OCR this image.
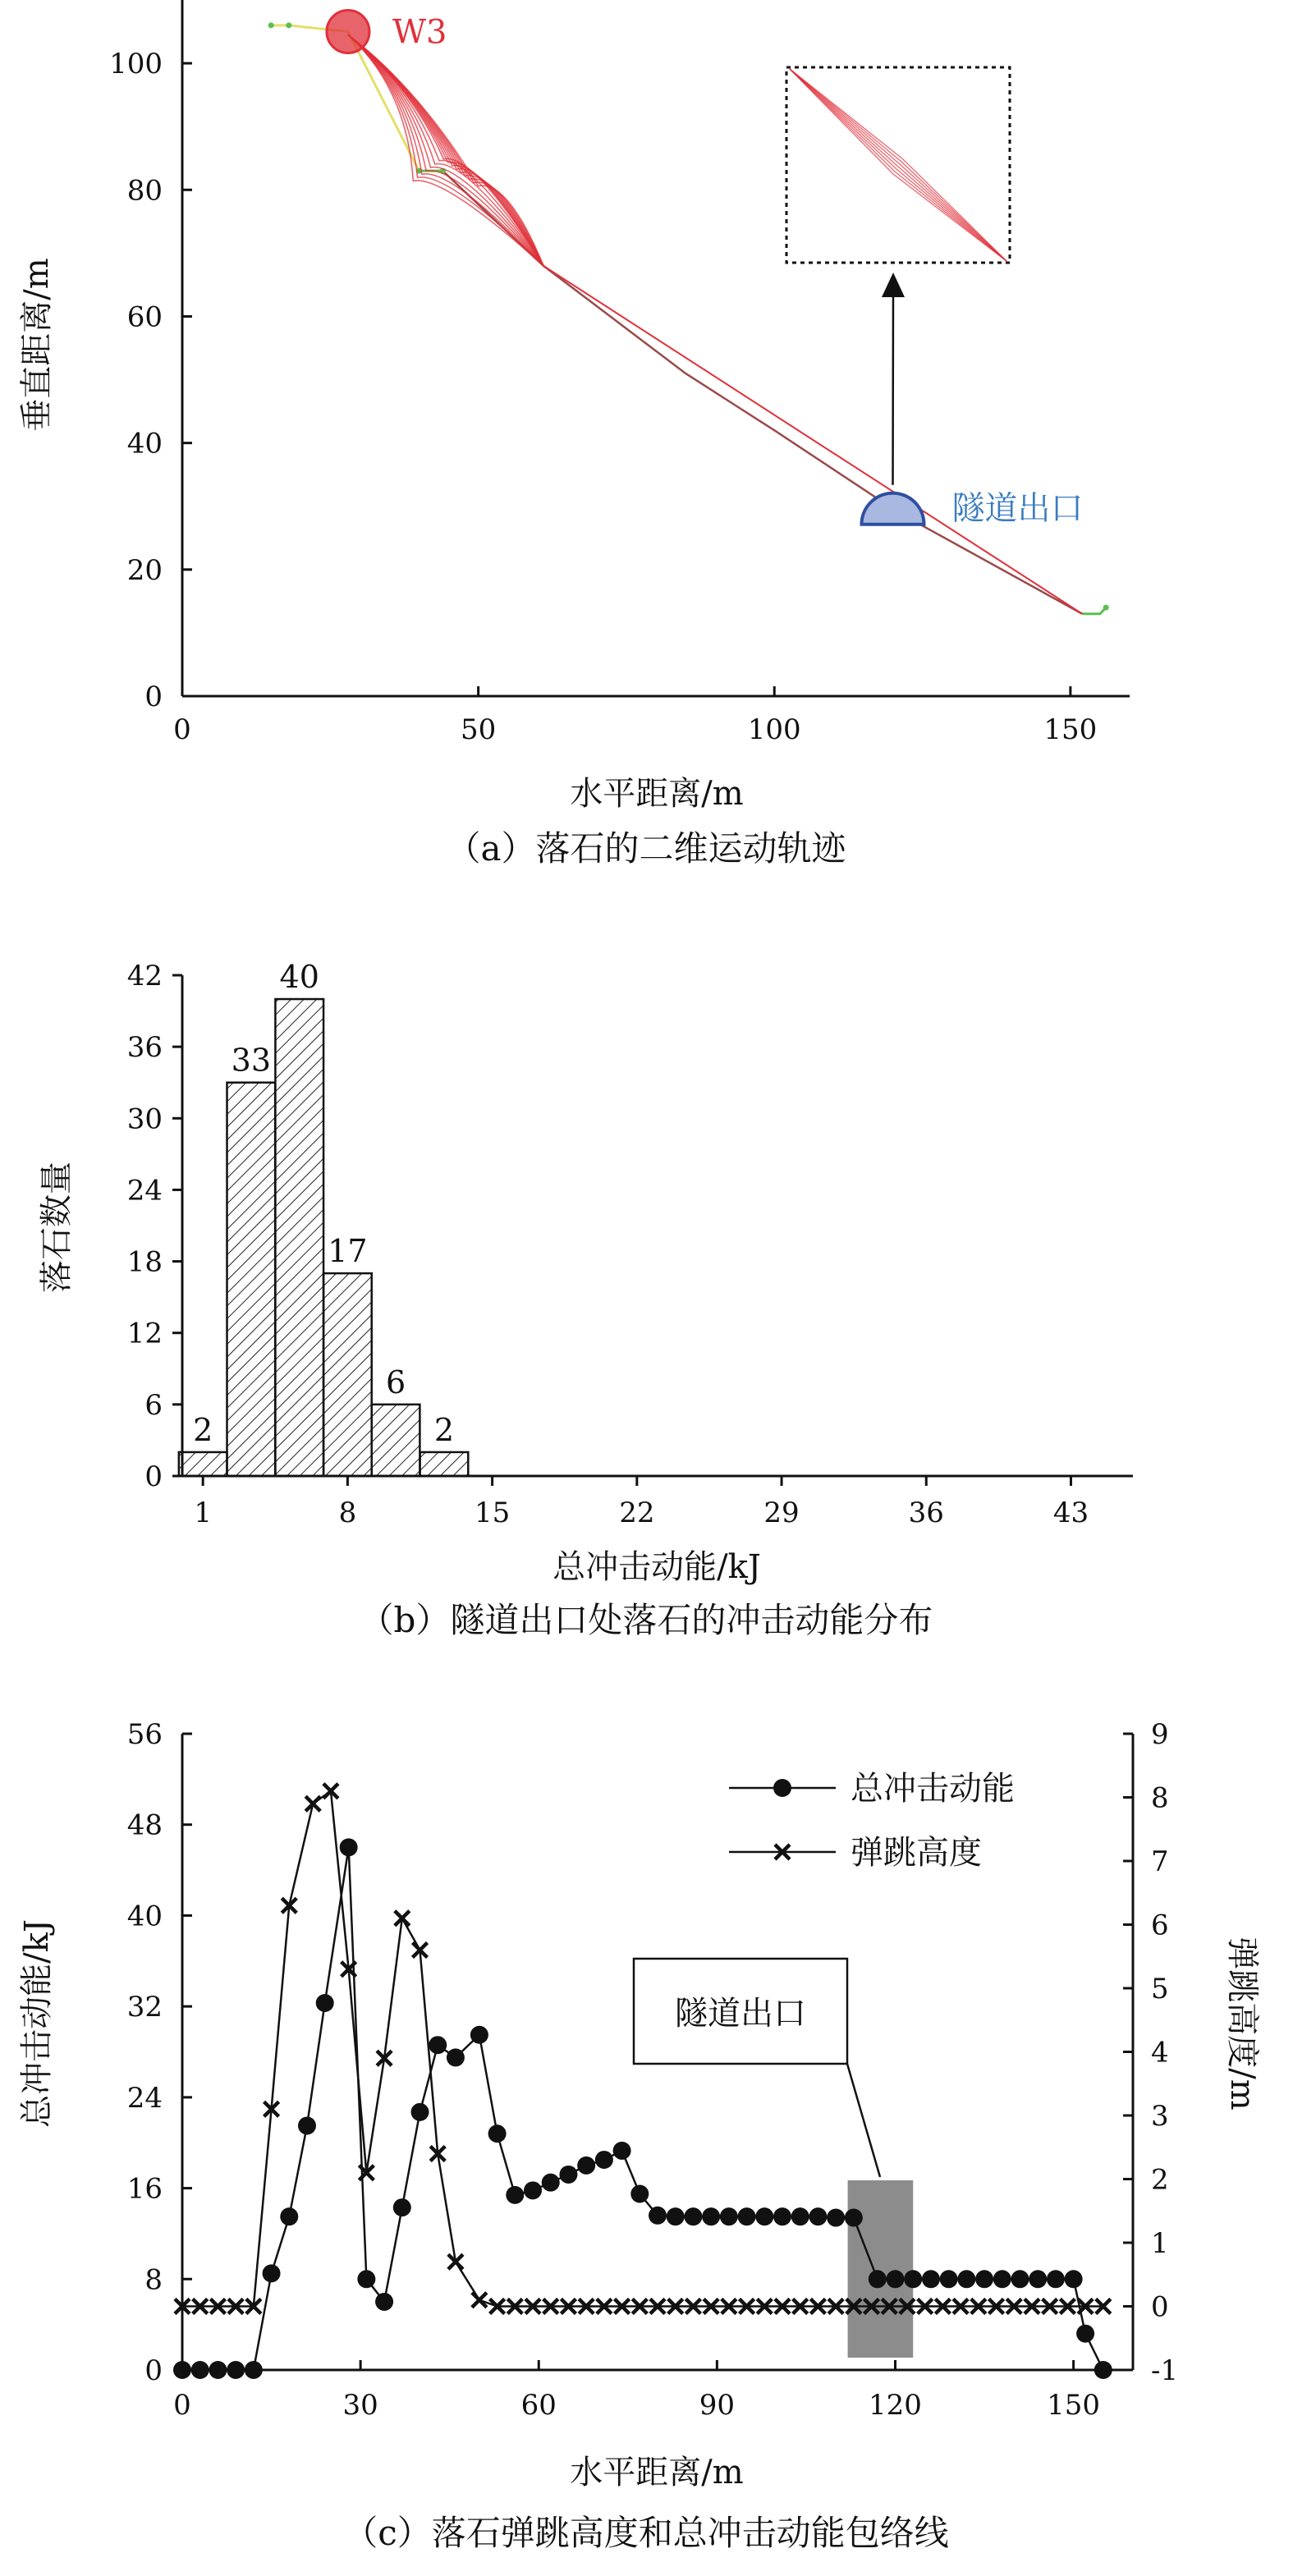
0	50	100	150
0
20
40
60
80
100
W3
隧道出口
垂直距离/m
水平距离/m
（a）落石的二维运动轨迹
2
33
40
17
6
2
1	8	15	22	29	36	43
0
6
12
18
24
30
36
42
落石数量
总冲击动能/kJ
（b）隧道出口处落石的冲击动能分布
0	30	60	90	120	150
0
8
16
24
32
40
48
56
-1
0
1
2
3
4
5
6
7
8
9
总冲击动能
弹跳高度
隧道出口
总冲击动能/kJ	弹跳高度/m
水平距离/m
（c）落石弹跳高度和总冲击动能包络线
